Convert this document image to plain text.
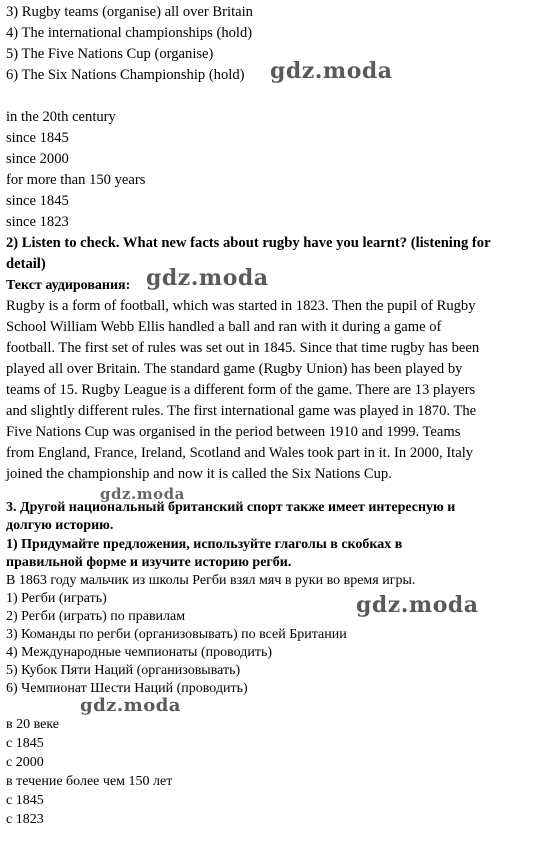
3) Rugby teams (organise) all over Britain
4) The international championships (hold)
5) The Five Nations Cup (organise)
6) The Six Nations Championship (hold) gdz.moda
in the 20th century
since 1845
since 2000
for more than 150 years
since 1845
since 1823
2) Listen to check. What new facts about rugby have you learnt? (listening for
detail)
Текст аудирования: gdz.moda
Rugby is a form of football, which was started in 1823. Then the pupil of Rugby
School William Webb Ellis handled a ball and ran with it during a game of
football. The first set of rules was set out in 1845. Since that time rugby has been
played all over Britain. The standard game (Rugby Union) has been played by
teams of 15. Rugby League is a different form of the game. There are 13 players
and slightly different rules. The first international game was played in 1870. The
Five Nations Cup was organised in the period between 1910 and 1999. Teams
from England, France, Ireland, Scotland and Wales took part in it. In 2000, Italy
joined the championship and now it is called the Six Nations Cup.
gdz.moda
3. Другой национальный британский спорт также имеет интересную и
долгую историю.
1) Придумайте предложения, используйте глаголы в скобках в
правильной форме и изучите историю регби.
В 1863 году мальчик из школы Регби взял мяч в руки во время игры.
1) Регби (играть)
2) Регби (играть) по правилам
3) Команды по регби (организовывать) по всей Британии
4) Международные чемпионаты (проводить)
5) Кубок Пяти Наций (организовывать)
6) Чемпионат Шести Наций (проводить)
gdz.moda
gdz.moda
в 20 веке
с 1845
с 2000
в течение более чем 150 лет
с 1845
с 1823
